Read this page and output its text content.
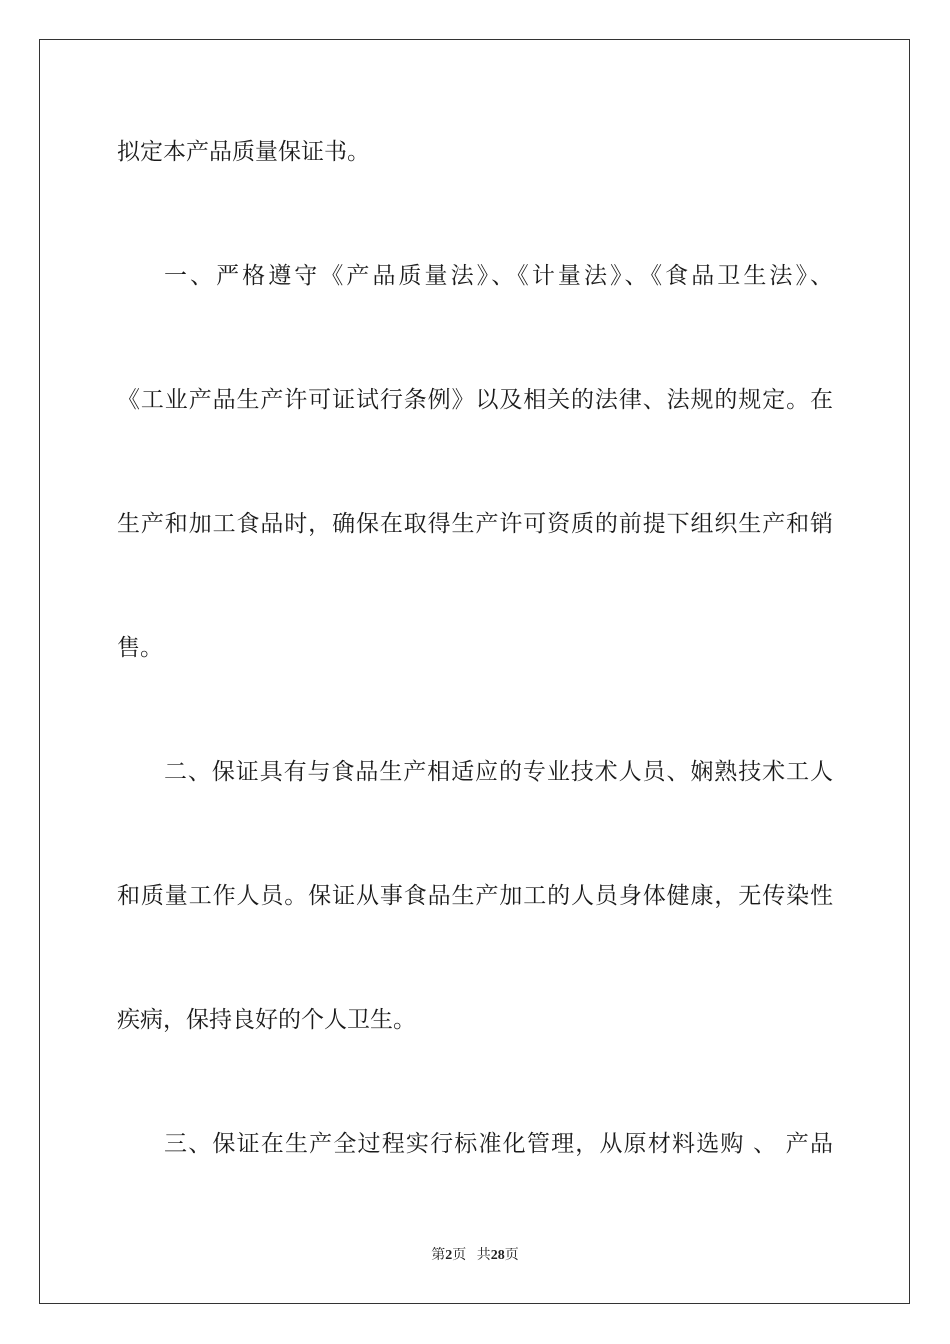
拟定本产品质量保证书。
一、严格遵守《产品质量法》、《计量法》、《食品卫生法》、
《工业产品生产许可证试行条例》以及相关的法律、法规的规定。在
生产和加工食品时，确保在取得生产许可资质的前提下组织生产和销
售。
二、保证具有与食品生产相适应的专业技术人员、娴熟技术工人
和质量工作人员。保证从事食品生产加工的人员身体健康，无传染性
疾病，保持良好的个人卫生。
三、保证在生产全过程实行标准化管理，从原材料选购 、 产品
第2页 共28页
